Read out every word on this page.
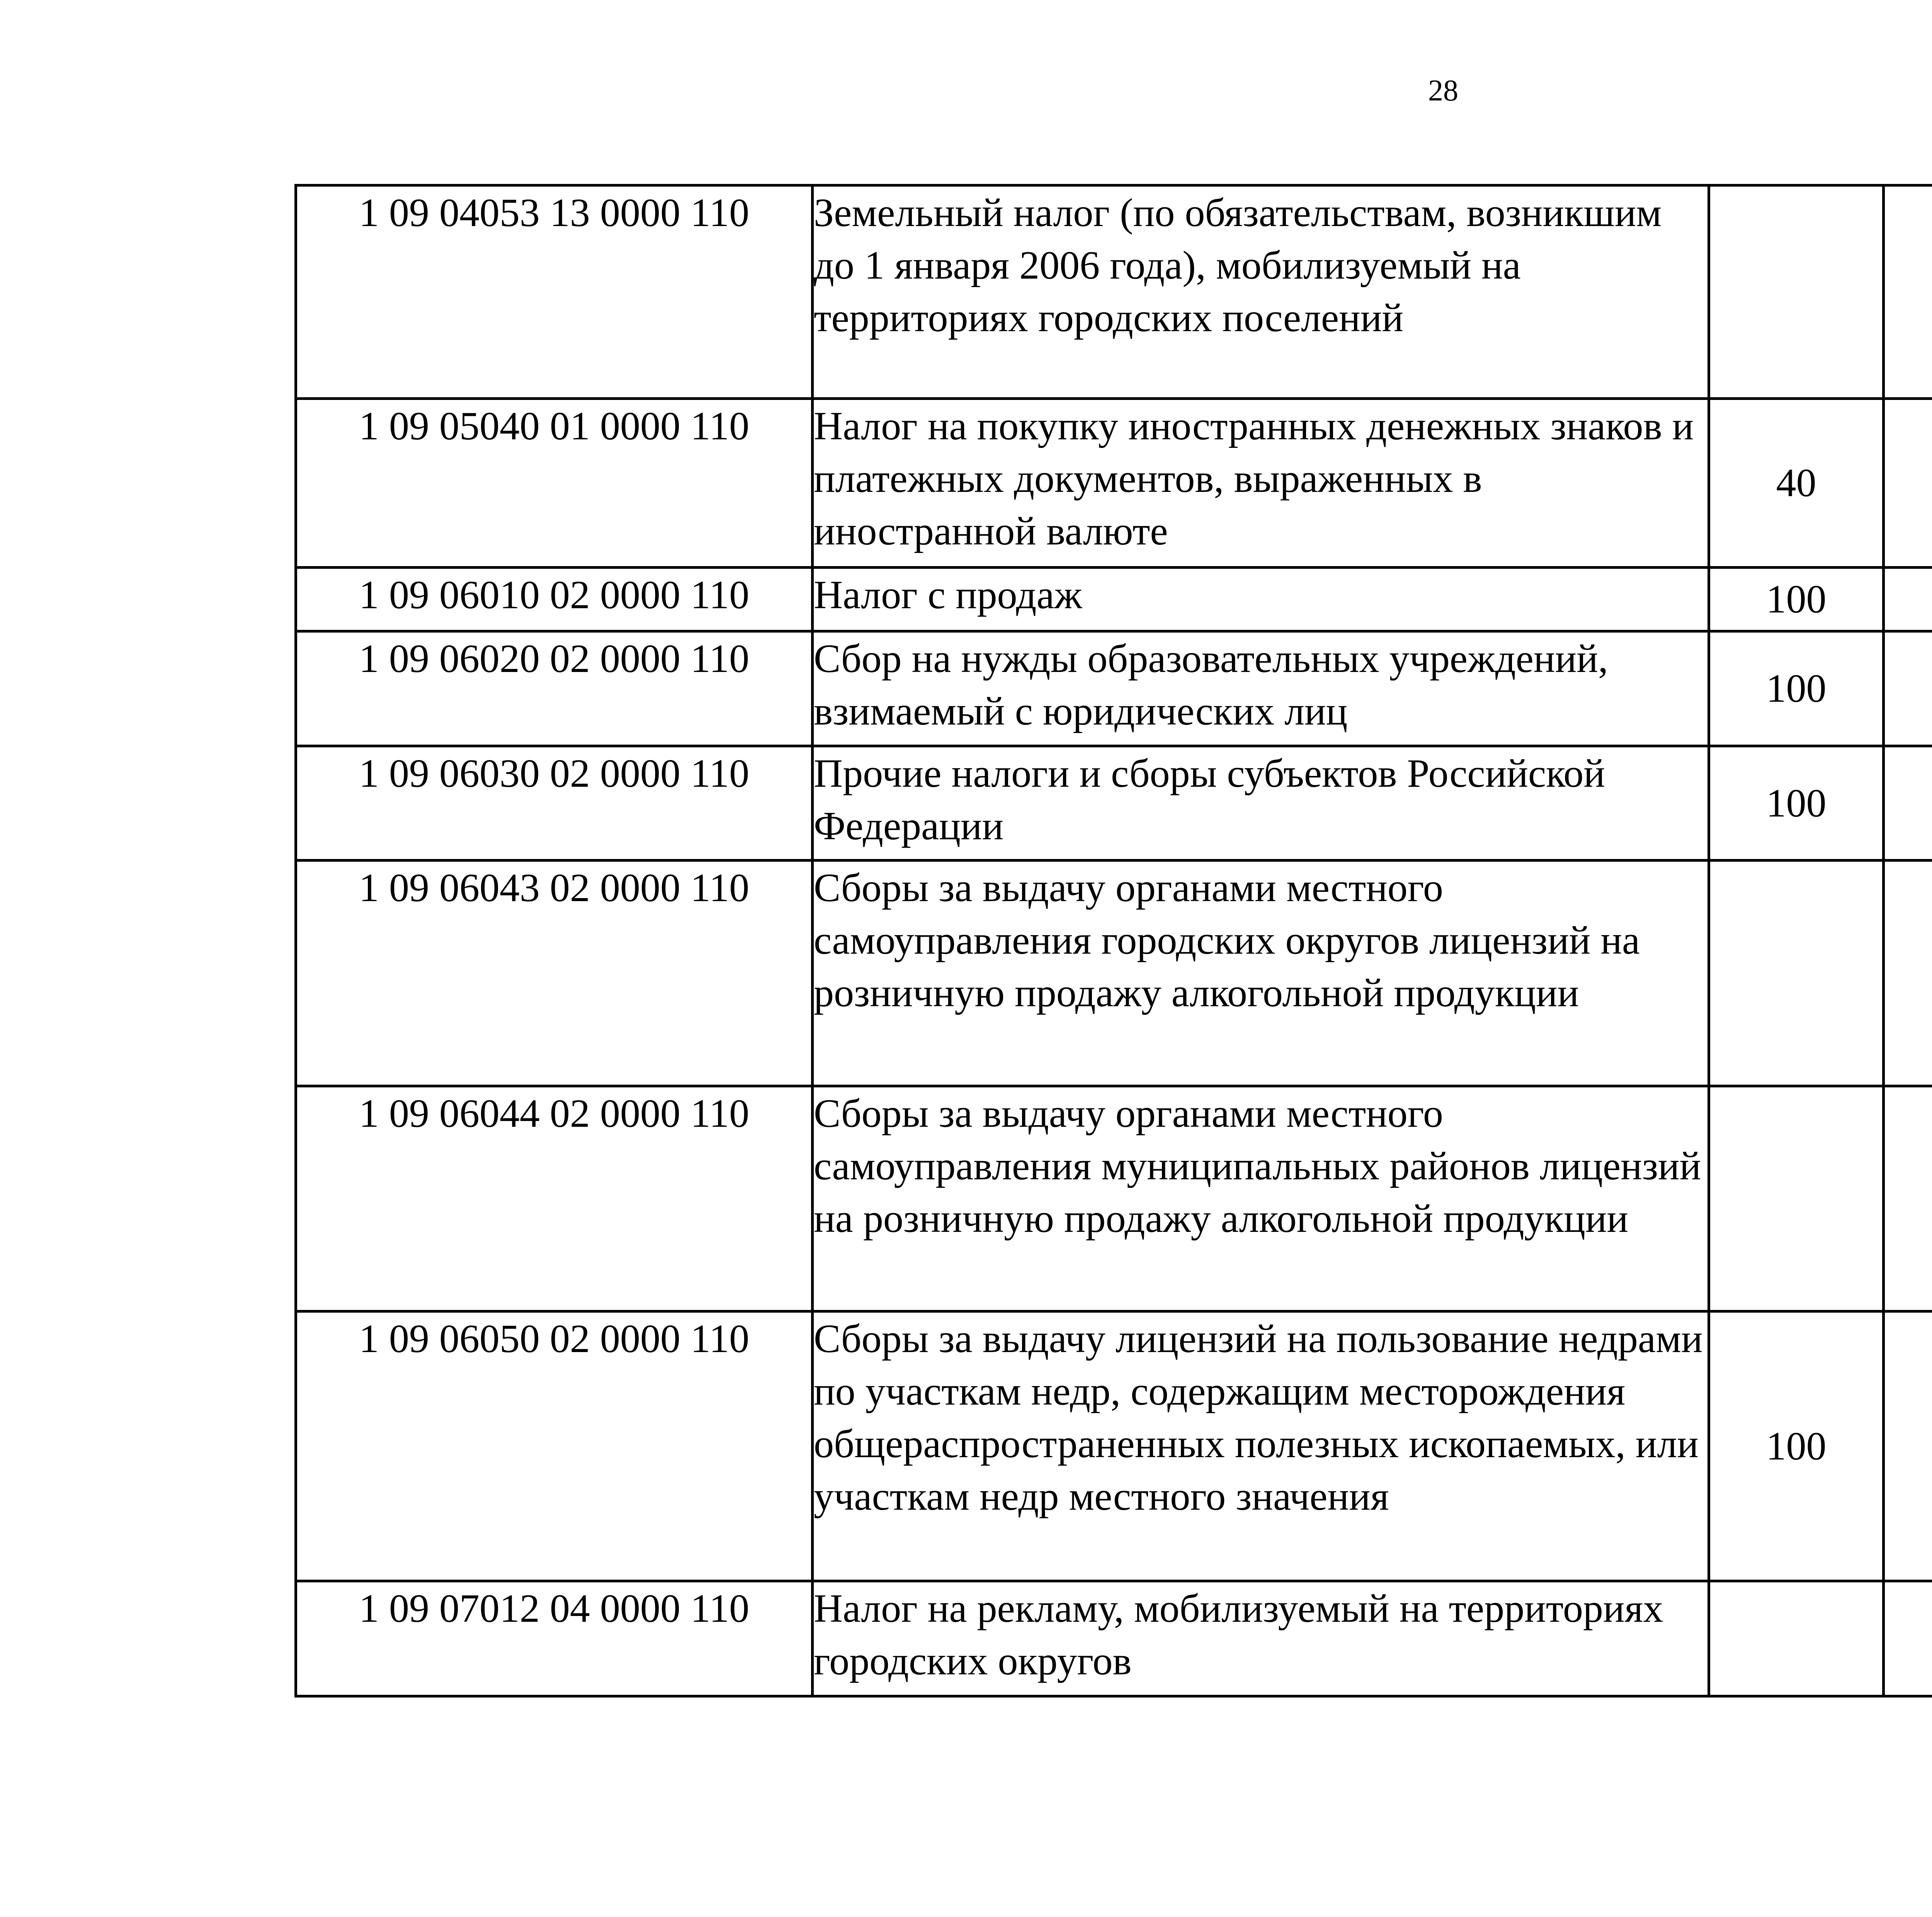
28
1 09 04053 13 0000 110	Земельный налог (по обязательствам, возникшим до 1 января 2006 года), мобилизуемый на территориях городских поселений					
1 09 05040 01 0000 110	Налог на покупку иностранных денежных знаков и платежных документов, выраженных в иностранной валюте	40				
1 09 06010 02 0000 110	Налог с продаж	100				
1 09 06020 02 0000 110	Сбор на нужды образовательных учреждений, взимаемый с юридических лиц	100				
1 09 06030 02 0000 110	Прочие налоги и сборы субъектов Российской Федерации	100				
1 09 06043 02 0000 110	Сборы за выдачу органами местного самоуправления городских округов лицензий на розничную продажу алкогольной продукции					
1 09 06044 02 0000 110	Сборы за выдачу органами местного самоуправления муниципальных районов лицензий на розничную продажу алкогольной продукции					
1 09 06050 02 0000 110	Сборы за выдачу лицензий на пользование недрами по участкам недр, содержащим месторождения общераспространенных полезных ископаемых, или участкам недр местного значения	100				
1 09 07012 04 0000 110	Налог на рекламу, мобилизуемый на территориях городских округов					
